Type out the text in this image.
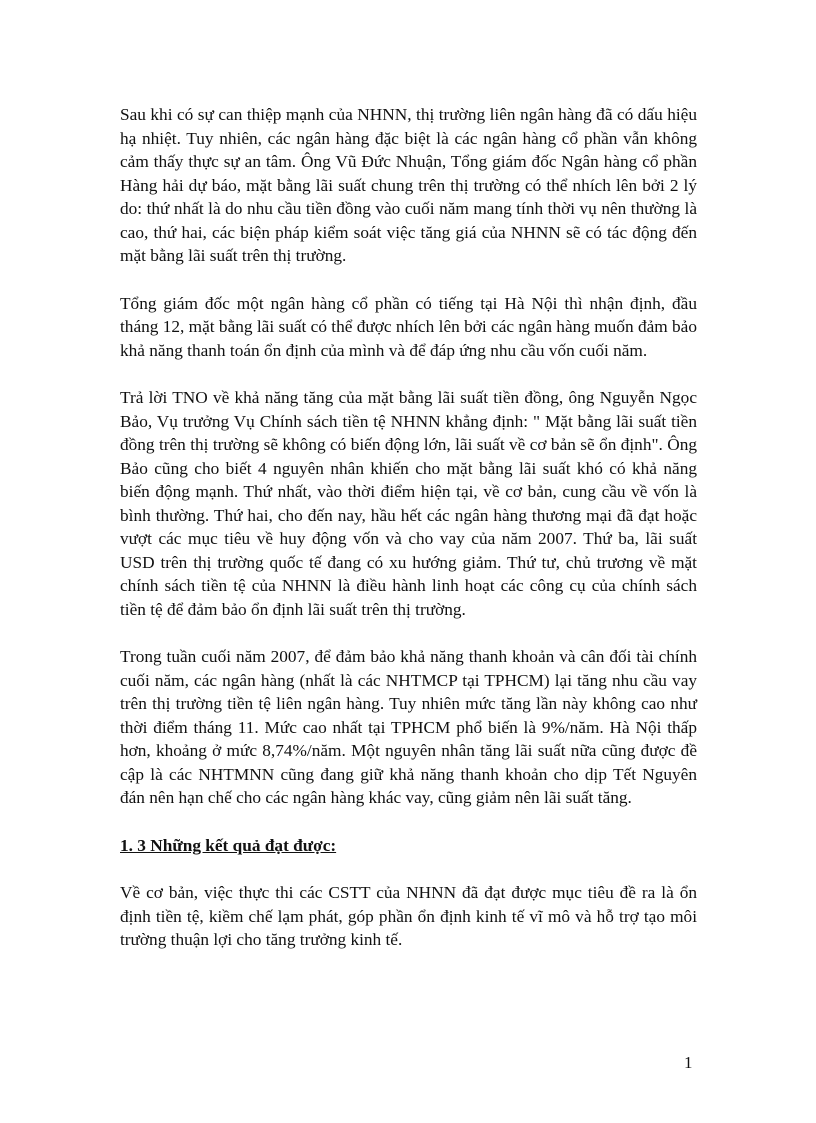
Sau khi có sự can thiệp mạnh của NHNN, thị trường liên ngân hàng đã có dấu hiệu hạ nhiệt. Tuy nhiên, các ngân hàng đặc biệt là các ngân hàng cổ phần vẫn không cảm thấy thực sự an tâm. Ông Vũ Đức Nhuận, Tổng giám đốc Ngân hàng cổ phần Hàng hải dự báo, mặt bằng lãi suất chung trên thị trường có thể nhích lên bởi 2 lý do: thứ nhất là do nhu cầu tiền đồng vào cuối năm mang tính thời vụ nên thường là cao, thứ hai, các biện pháp kiểm soát việc tăng giá của NHNN sẽ có tác động đến mặt bằng lãi suất trên thị trường.

Tổng giám đốc một ngân hàng cổ phần có tiếng tại Hà Nội thì nhận định, đầu tháng 12, mặt bằng lãi suất có thể được nhích lên bởi các ngân hàng muốn đảm bảo khả năng thanh toán ổn định của mình và để đáp ứng nhu cầu vốn cuối năm.

Trả lời TNO về khả năng tăng của mặt bằng lãi suất tiền đồng, ông Nguyễn Ngọc Bảo, Vụ trưởng Vụ Chính sách tiền tệ NHNN khẳng định: " Mặt bằng lãi suất tiền đồng trên thị trường sẽ không có biến động lớn, lãi suất về cơ bản sẽ ổn định". Ông Bảo cũng cho biết 4 nguyên nhân khiến cho mặt bằng lãi suất khó có khả năng biến động mạnh. Thứ nhất, vào thời điểm hiện tại, về cơ bản, cung cầu về vốn là bình thường. Thứ hai, cho đến nay, hầu hết các ngân hàng thương mại đã đạt hoặc vượt các mục tiêu về huy động vốn và cho vay của năm 2007. Thứ ba, lãi suất USD trên thị trường quốc tế đang có xu hướng giảm. Thứ tư, chủ trương về mặt chính sách tiền tệ của NHNN là điều hành linh hoạt các công cụ của chính sách tiền tệ để đảm bảo ổn định lãi suất trên thị trường.

Trong tuần cuối năm 2007, để đảm bảo khả năng thanh khoản và cân đối tài chính cuối năm, các ngân hàng (nhất là các NHTMCP tại TPHCM) lại tăng nhu cầu vay trên thị trường tiền tệ liên ngân hàng. Tuy nhiên mức tăng lần này không cao như thời điểm tháng 11. Mức cao nhất tại TPHCM phổ biến là 9%/năm. Hà Nội thấp hơn, khoảng ở mức 8,74%/năm. Một nguyên nhân tăng lãi suất nữa cũng được đề cập là các NHTMNN cũng đang giữ khả năng thanh khoản cho dịp Tết Nguyên đán nên hạn chế cho các ngân hàng khác vay, cũng giảm nên lãi suất tăng.

1. 3 Những kết quả đạt được:

Về cơ bản, việc thực thi các CSTT của NHNN đã đạt được mục tiêu đề ra là ổn định tiền tệ, kiềm chế lạm phát, góp phần ổn định kinh tế vĩ mô và hỗ trợ tạo môi trường thuận lợi cho tăng trưởng kinh tế.

1
